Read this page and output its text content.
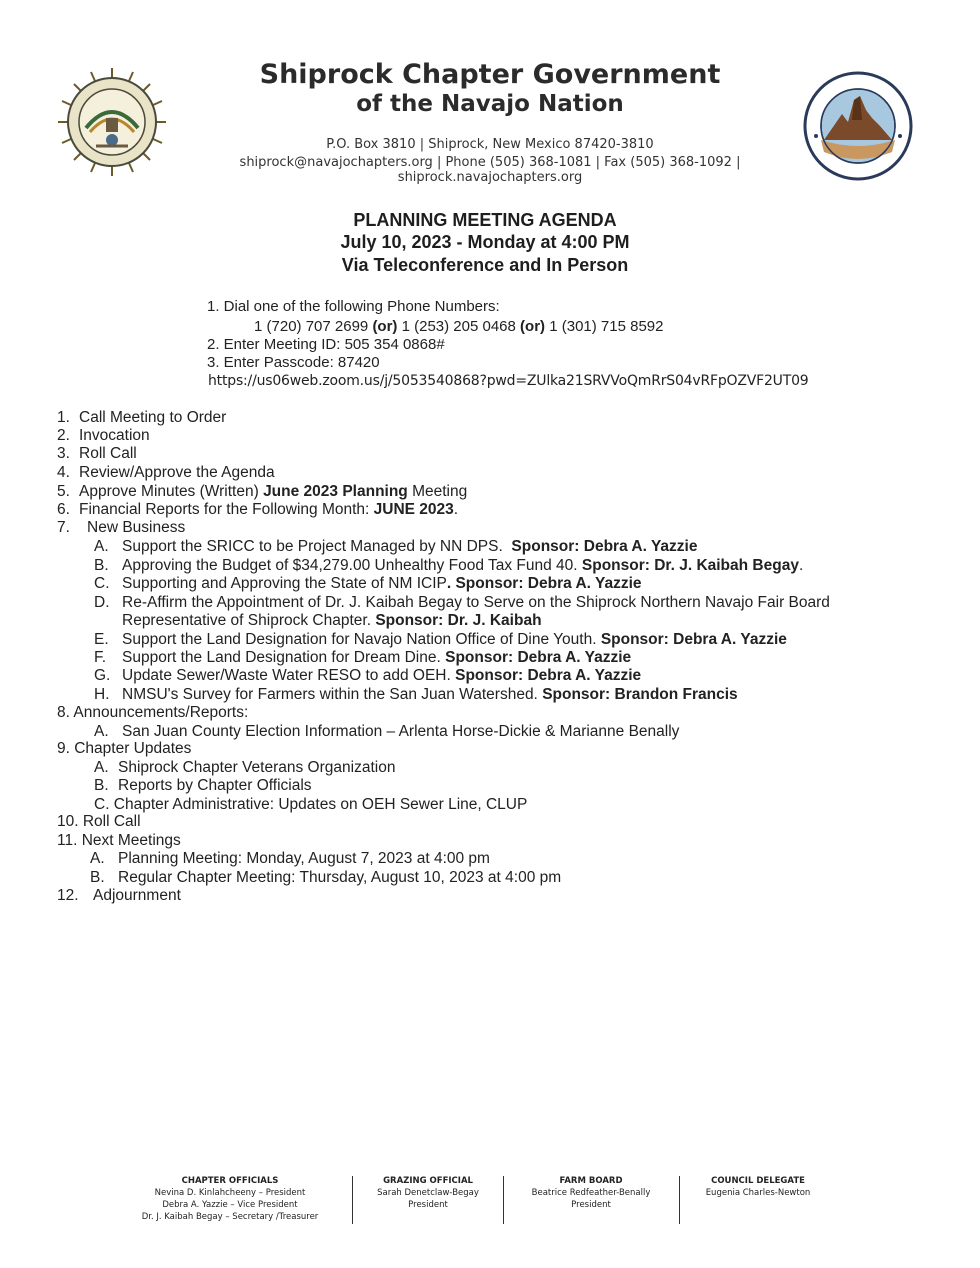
Shiprock Chapter Government
of the Navajo Nation
P.O. Box 3810 | Shiprock, New Mexico 87420-3810
shiprock@navajochapters.org | Phone (505) 368-1081 | Fax (505) 368-1092 | shiprock.navajochapters.org
PLANNING MEETING AGENDA
July 10, 2023 - Monday at 4:00 PM
Via Teleconference and In Person
1. Dial one of the following Phone Numbers:
1 (720) 707 2699 (or) 1 (253) 205 0468 (or) 1 (301) 715 8592
2. Enter Meeting ID: 505 354 0868#
3. Enter Passcode: 87420
https://us06web.zoom.us/j/5053540868?pwd=ZUlka21SRVVoQmRrS04vRFpOZVF2UT09
1. Call Meeting to Order
2. Invocation
3. Roll Call
4. Review/Approve the Agenda
5. Approve Minutes (Written) June 2023 Planning Meeting
6. Financial Reports for the Following Month: JUNE 2023.
7. New Business
A. Support the SRICC to be Project Managed by NN DPS. Sponsor: Debra A. Yazzie
B. Approving the Budget of $34,279.00 Unhealthy Food Tax Fund 40. Sponsor: Dr. J. Kaibah Begay.
C. Supporting and Approving the State of NM ICIP. Sponsor: Debra A. Yazzie
D. Re-Affirm the Appointment of Dr. J. Kaibah Begay to Serve on the Shiprock Northern Navajo Fair Board
Representative of Shiprock Chapter. Sponsor: Dr. J. Kaibah
E. Support the Land Designation for Navajo Nation Office of Dine Youth. Sponsor: Debra A. Yazzie
F. Support the Land Designation for Dream Dine. Sponsor: Debra A. Yazzie
G. Update Sewer/Waste Water RESO to add OEH. Sponsor: Debra A. Yazzie
H. NMSU's Survey for Farmers within the San Juan Watershed. Sponsor: Brandon Francis
8. Announcements/Reports:
A. San Juan County Election Information – Arlenta Horse-Dickie & Marianne Benally
9. Chapter Updates
A. Shiprock Chapter Veterans Organization
B. Reports by Chapter Officials
C. Chapter Administrative: Updates on OEH Sewer Line, CLUP
10. Roll Call
11. Next Meetings
A. Planning Meeting: Monday, August 7, 2023 at 4:00 pm
B. Regular Chapter Meeting: Thursday, August 10, 2023 at 4:00 pm
12. Adjournment
CHAPTER OFFICIALS
Nevina D. Kinlahcheeny – President
Debra A. Yazzie – Vice President
Dr. J. Kaibah Begay – Secretary /Treasurer
GRAZING OFFICIAL
Sarah Denetclaw-Begay
President
FARM BOARD
Beatrice Redfeather-Benally
President
COUNCIL DELEGATE
Eugenia Charles-Newton
